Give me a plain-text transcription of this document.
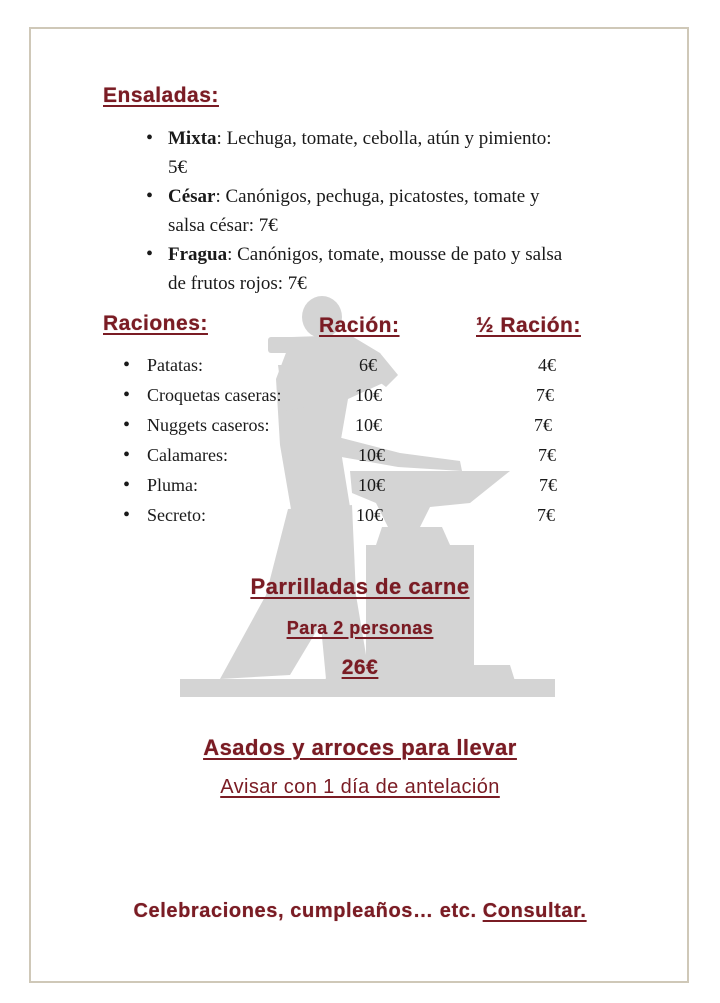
Ensaladas:
• Mixta: Lechuga, tomate, cebolla, atún y pimiento:
5€
• César: Canónigos, pechuga, picatostes, tomate y
salsa césar: 7€
• Fragua: Canónigos, tomate, mousse de pato y salsa
de frutos rojos: 7€
Raciones:	Ración:	½ Ración:
• Patatas:	6€	4€
• Croquetas caseras:	10€	7€
• Nuggets caseros:	10€	7€
• Calamares:	10€	7€
• Pluma:	10€	7€
• Secreto:	10€	7€
Parrilladas de carne
Para 2 personas
26€
Asados y arroces para llevar
Avisar con 1 día de antelación
Celebraciones, cumpleaños… etc. Consultar.
